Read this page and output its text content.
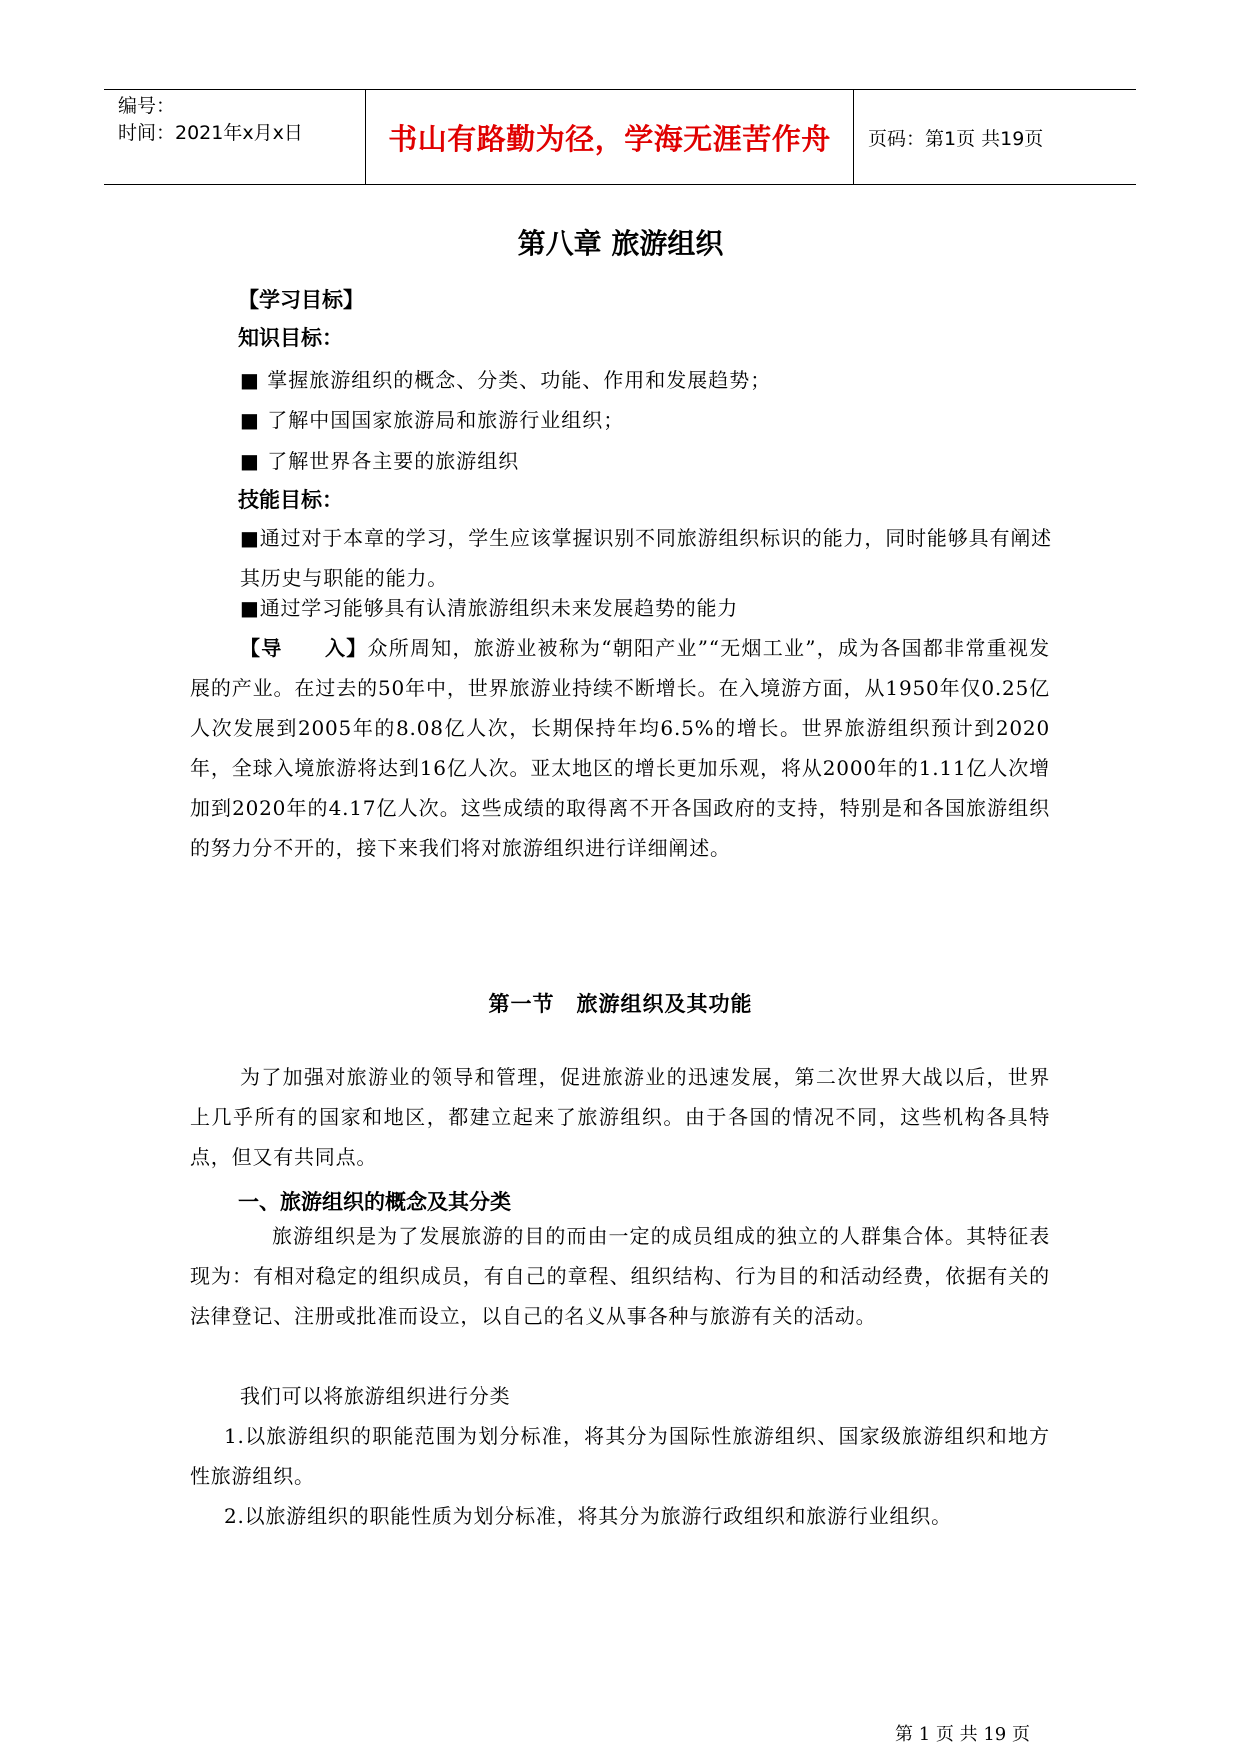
编号：
时间：2021年x月x日	书山有路勤为径，学海无涯苦作舟	页码：第1页 共19页
第八章 旅游组织
【学习目标】
知识目标：
■ 掌握旅游组织的概念、分类、功能、作用和发展趋势；
■ 了解中国国家旅游局和旅游行业组织；
■ 了解世界各主要的旅游组织
技能目标：

■通过对于本章的学习，学生应该掌握识别不同旅游组织标识的能力，同时能够具有阐述其历史与职能的能力。

■通过学习能够具有认清旅游组织未来发展趋势的能力

【导　　入】众所周知，旅游业被称为“朝阳产业”“无烟工业”，成为各国都非常重视发展的产业。在过去的50年中，世界旅游业持续不断增长。在入境游方面，从1950年仅0.25亿人次发展到2005年的8.08亿人次，长期保持年均6.5%的增长。世界旅游组织预计到2020年，全球入境旅游将达到16亿人次。亚太地区的增长更加乐观，将从2000年的1.11亿人次增加到2020年的4.17亿人次。这些成绩的取得离不开各国政府的支持，特别是和各国旅游组织的努力分不开的，接下来我们将对旅游组织进行详细阐述。

第一节　旅游组织及其功能

为了加强对旅游业的领导和管理，促进旅游业的迅速发展，第二次世界大战以后，世界上几乎所有的国家和地区，都建立起来了旅游组织。由于各国的情况不同，这些机构各具特点，但又有共同点。

一、旅游组织的概念及其分类

旅游组织是为了发展旅游的目的而由一定的成员组成的独立的人群集合体。其特征表现为：有相对稳定的组织成员，有自己的章程、组织结构、行为目的和活动经费，依据有关的法律登记、注册或批准而设立，以自己的名义从事各种与旅游有关的活动。

我们可以将旅游组织进行分类

1.以旅游组织的职能范围为划分标准，将其分为国际性旅游组织、国家级旅游组织和地方性旅游组织。

2.以旅游组织的职能性质为划分标准，将其分为旅游行政组织和旅游行业组织。

第 1 页 共 19 页
